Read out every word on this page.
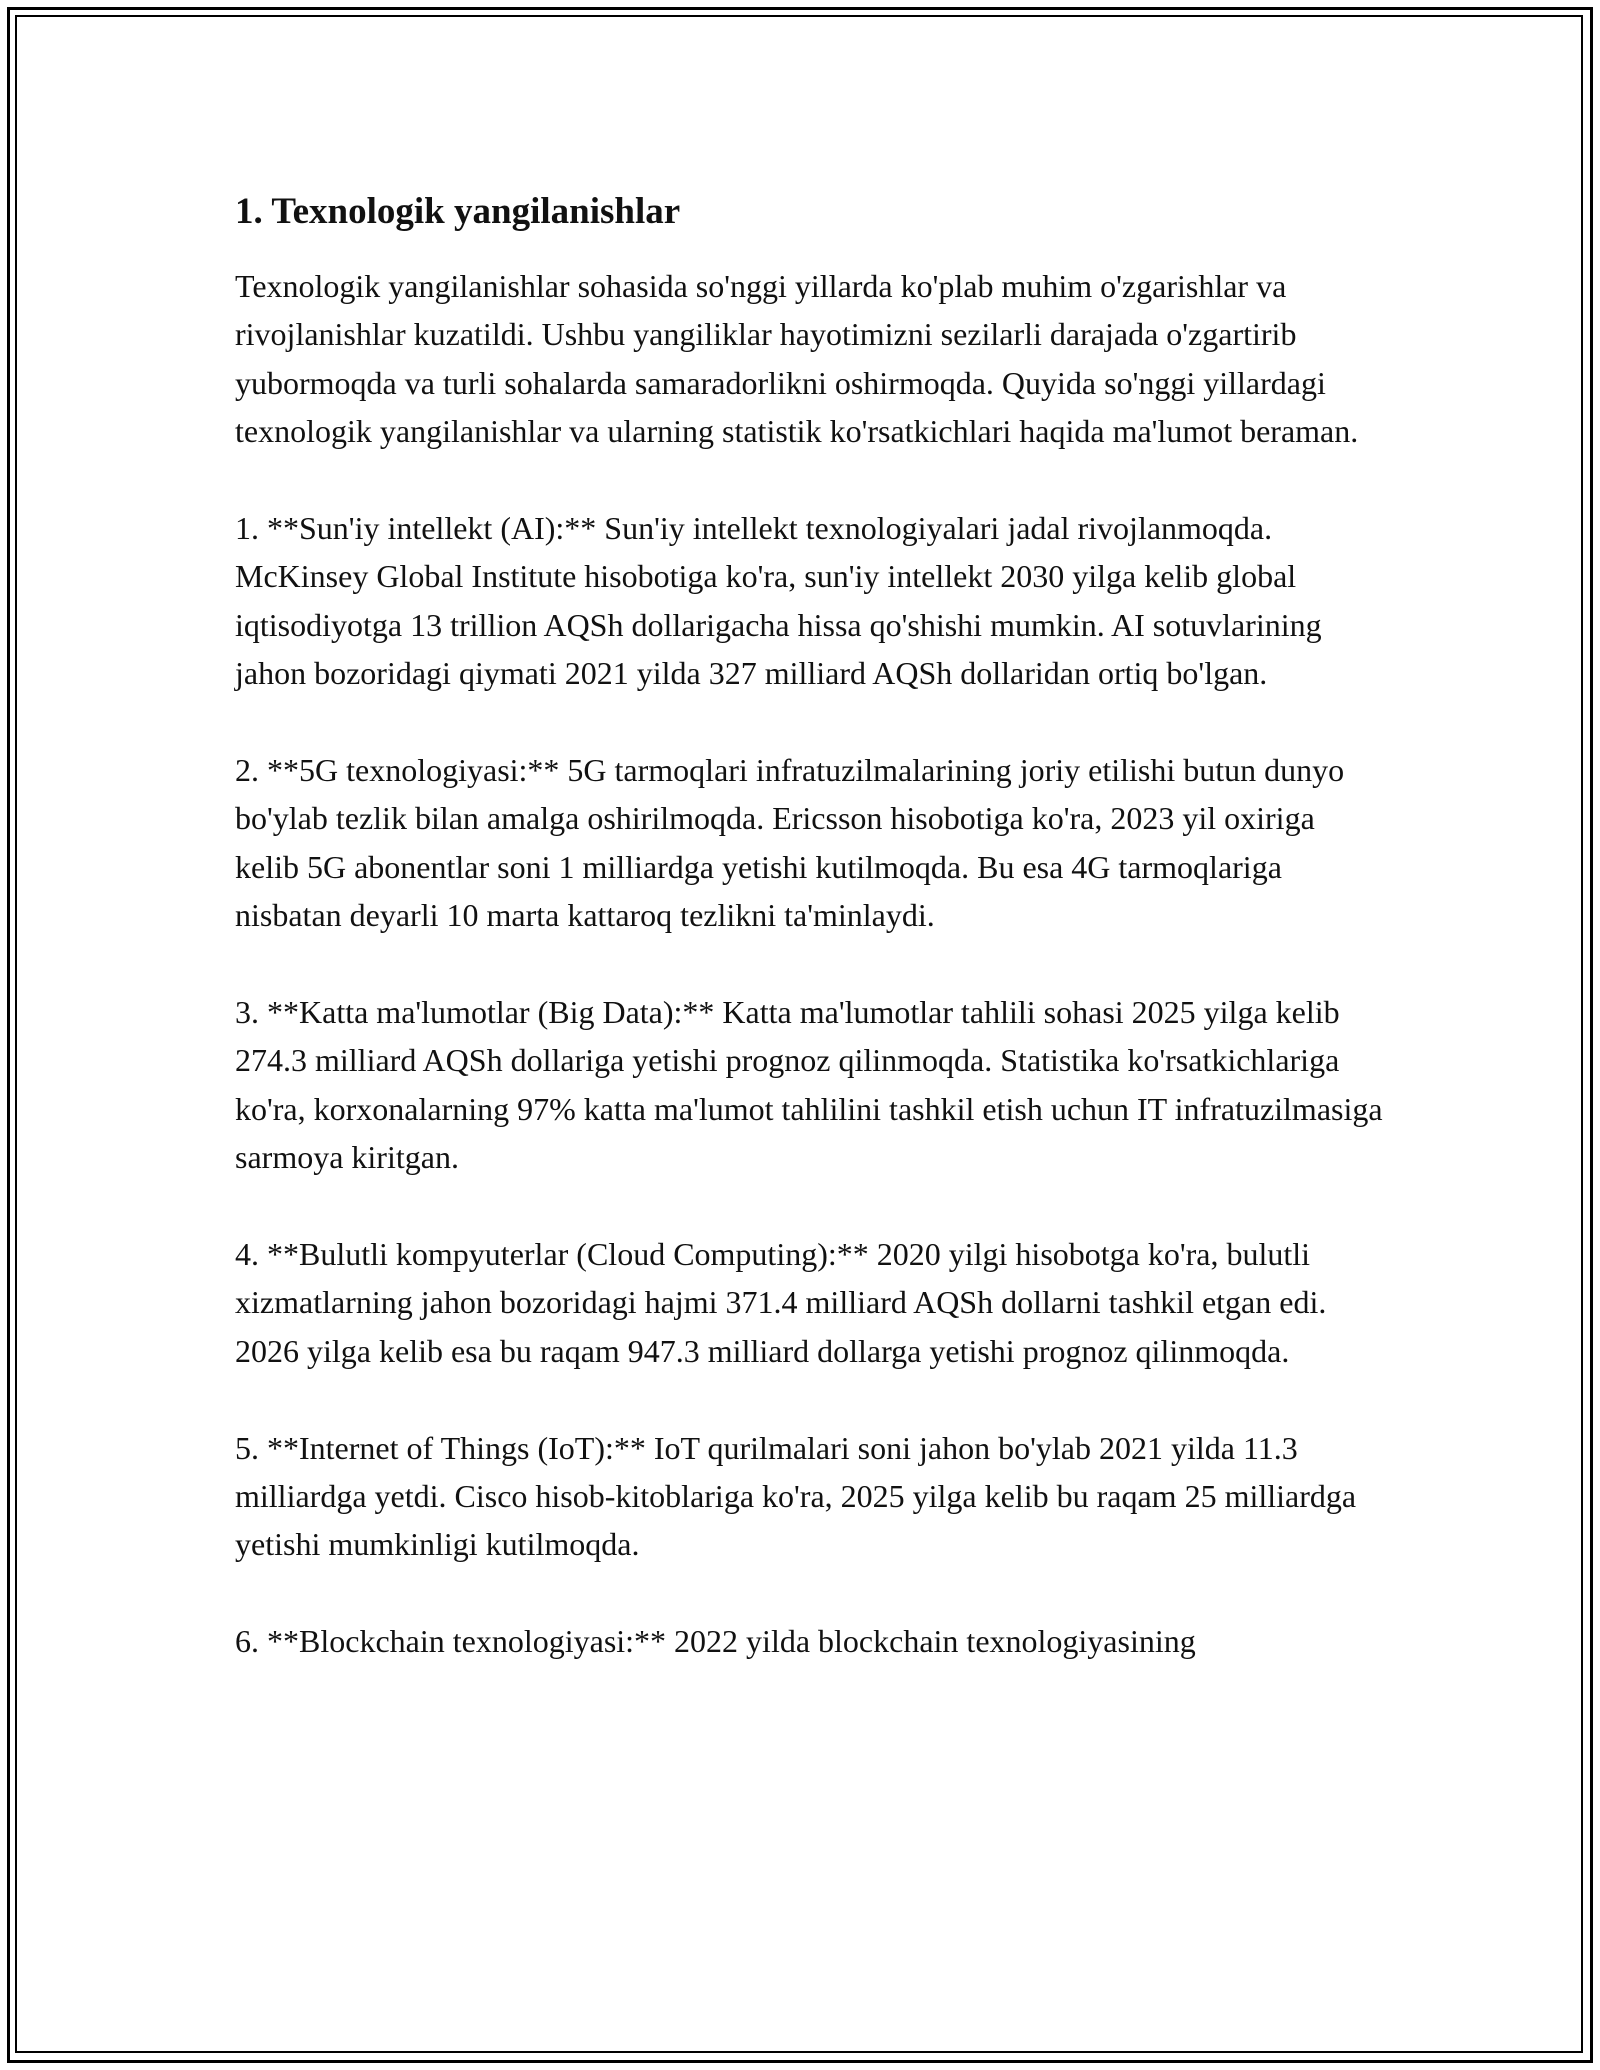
1. Texnologik yangilanishlar

Texnologik yangilanishlar sohasida so'nggi yillarda ko'plab muhim o'zgarishlar va rivojlanishlar kuzatildi. Ushbu yangiliklar hayotimizni sezilarli darajada o'zgartirib yubormoqda va turli sohalarda samaradorlikni oshirmoqda. Quyida so'nggi yillardagi texnologik yangilanishlar va ularning statistik ko'rsatkichlari haqida ma'lumot beraman.

1. **Sun'iy intellekt (AI):** Sun'iy intellekt texnologiyalari jadal rivojlanmoqda. McKinsey Global Institute hisobotiga ko'ra, sun'iy intellekt 2030 yilga kelib global iqtisodiyotga 13 trillion AQSh dollarigacha hissa qo'shishi mumkin. AI sotuvlarining jahon bozoridagi qiymati 2021 yilda 327 milliard AQSh dollaridan ortiq bo'lgan.

2. **5G texnologiyasi:** 5G tarmoqlari infratuzilmalarining joriy etilishi butun dunyo bo'ylab tezlik bilan amalga oshirilmoqda. Ericsson hisobotiga ko'ra, 2023 yil oxiriga kelib 5G abonentlar soni 1 milliardga yetishi kutilmoqda. Bu esa 4G tarmoqlariga nisbatan deyarli 10 marta kattaroq tezlikni ta'minlaydi.

3. **Katta ma'lumotlar (Big Data):** Katta ma'lumotlar tahlili sohasi 2025 yilga kelib 274.3 milliard AQSh dollariga yetishi prognoz qilinmoqda. Statistika ko'rsatkichlariga ko'ra, korxonalarning 97% katta ma'lumot tahlilini tashkil etish uchun IT infratuzilmasiga sarmoya kiritgan.

4. **Bulutli kompyuterlar (Cloud Computing):** 2020 yilgi hisobotga ko'ra, bulutli xizmatlarning jahon bozoridagi hajmi 371.4 milliard AQSh dollarni tashkil etgan edi. 2026 yilga kelib esa bu raqam 947.3 milliard dollarga yetishi prognoz qilinmoqda.

5. **Internet of Things (IoT):** IoT qurilmalari soni jahon bo'ylab 2021 yilda 11.3 milliardga yetdi. Cisco hisob-kitoblariga ko'ra, 2025 yilga kelib bu raqam 25 milliardga yetishi mumkinligi kutilmoqda.

6. **Blockchain texnologiyasi:** 2022 yilda blockchain texnologiyasining
